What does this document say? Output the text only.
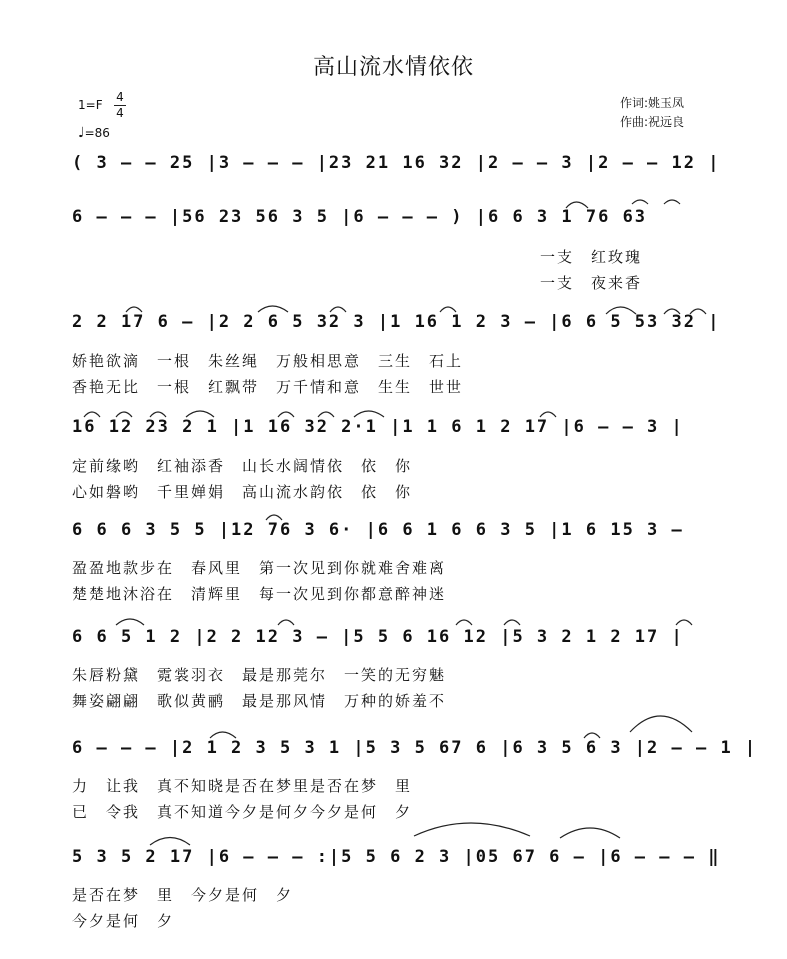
高山流水情依依
1=F
4
4
♩=86
作词:姚玉凤
作曲:祝远良
( 3 — — 25 |3 — — — |23 21 16 32 |2 — — 3 |2 — — 12 |
6 — — — |56 23 56 3 5 |6 — — — ) |6 6 3 1 76 63
一支　红玫瑰
一支　夜来香
2 2 17 6 — |2 2 6 5 32 3 |1 16 1 2 3 — |6 6 5 53 32 |
娇艳欲滴　一根　朱丝绳　万般相思意　三生　石上
香艳无比　一根　红飘带　万千情和意　生生　世世
16 12 23 2 1 |1 16 32 2·1 |1 1 6 1 2 17 |6 — — 3 |
定前缘哟　红袖添香　山长水阔情依　依　你
心如磐哟　千里婵娟　高山流水韵依　依　你
6 6 6 3 5 5 |12 76 3 6· |6 6 1 6 6 3 5 |1 6 15 3 —
盈盈地款步在　春风里　第一次见到你就难舍难离
楚楚地沐浴在　清辉里　每一次见到你都意醉神迷
6 6 5 1 2 |2 2 12 3 — |5 5 6 16 12 |5 3 2 1 2 17 |
朱唇粉黛　霓裳羽衣　最是那莞尔　一笑的无穷魅
舞姿翩翩　歌似黄鹂　最是那风情　万种的娇羞不
6 — — — |2 1 2 3 5 3 1 |5 3 5 67 6 |6 3 5 6 3 |2 — — 1 |
力　让我　真不知晓是否在梦里是否在梦　里
已　令我　真不知道今夕是何夕今夕是何　夕
5 3 5 2 17 |6 — — — :|5 5 6 2 3 |05 67 6 — |6 — — — ‖
是否在梦　里　今夕是何　夕
今夕是何　夕
